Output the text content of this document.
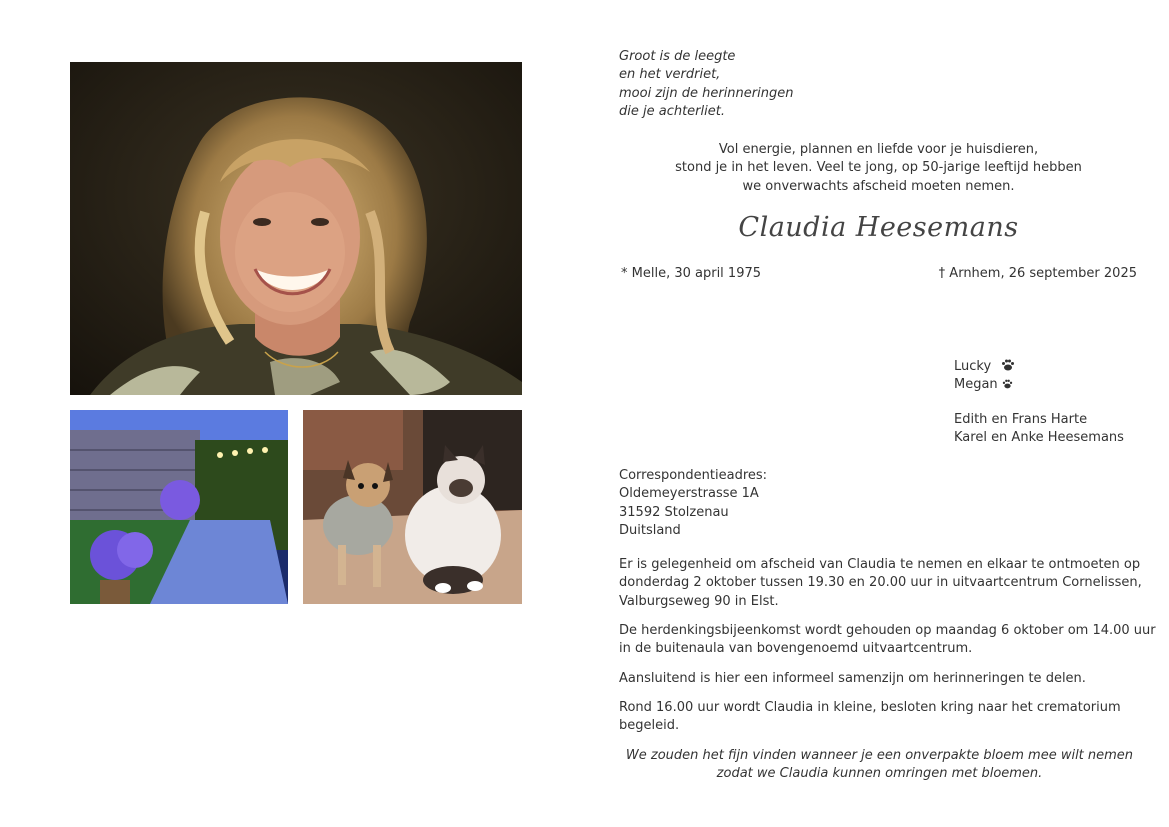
Groot is de leegte
en het verdriet,
mooi zijn de herinneringen
die je achterliet.
Vol energie, plannen en liefde voor je huisdieren,
stond je in het leven. Veel te jong, op 50-jarige leeftijd hebben
we onverwachts afscheid moeten nemen.
Claudia Heesemans
* Melle, 30 april 1975	† Arnhem, 26 september 2025
Lucky
Megan
Edith en Frans Harte
Karel en Anke Heesemans
Correspondentieadres:
Oldemeyerstrasse 1A
31592 Stolzenau
Duitsland
Er is gelegenheid om afscheid van Claudia te nemen en elkaar te ontmoeten op
donderdag 2 oktober tussen 19.30 en 20.00 uur in uitvaartcentrum Cornelissen,
Valburgseweg 90 in Elst.
De herdenkingsbijeenkomst wordt gehouden op maandag 6 oktober om 14.00 uur
in de buitenaula van bovengenoemd uitvaartcentrum.
Aansluitend is hier een informeel samenzijn om herinneringen te delen.
Rond 16.00 uur wordt Claudia in kleine, besloten kring naar het crematorium
begeleid.
We zouden het fijn vinden wanneer je een onverpakte bloem mee wilt nemen
zodat we Claudia kunnen omringen met bloemen.
